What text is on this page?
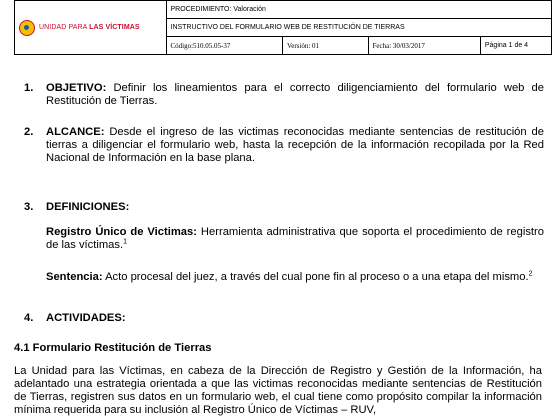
UNIDAD PARA LAS VÍCTIMAS	PROCEDIMIENTO: Valoración			
	INSTRUCTIVO DEL FORMULARIO WEB DE RESTITUCIÓN DE TIERRAS			
	Código:510.05.05-37	Versión: 01	Fecha: 30/03/2017	Página 1 de 4
1. OBJETIVO: Definir los lineamientos para el correcto diligenciamiento del formulario web de Restitución de Tierras.
2. ALCANCE: Desde el ingreso de las victimas reconocidas mediante sentencias de restitución de tierras a diligenciar el formulario web, hasta la recepción de la información recopilada por la Red Nacional de Información en la base plana.
3. DEFINICIONES:
Registro Único de Victimas: Herramienta administrativa que soporta el procedimiento de registro de las víctimas.$^1$
Sentencia: Acto procesal del juez, a través del cual pone fin al proceso o a una etapa del mismo.$^2$
4. ACTIVIDADES:
4.1 Formulario Restitución de Tierras
La Unidad para las Víctimas, en cabeza de la Dirección de Registro y Gestión de la Información, ha adelantado una estrategia orientada a que las victimas reconocidas mediante sentencias de Restitución de Tierras, registren sus datos en un formulario web, el cual tiene como propósito compilar la información mínima requerida para su inclusión al Registro Único de Víctimas – RUV,
